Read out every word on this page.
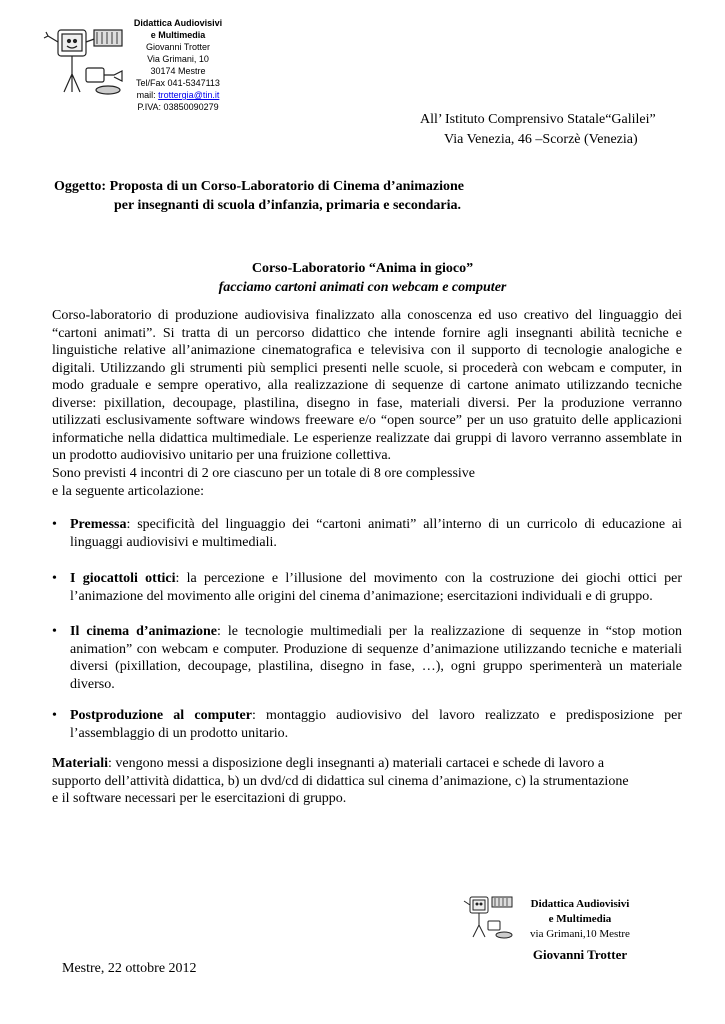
Didattica Audiovisivi
e Multimedia
Giovanni Trotter
Via Grimani, 10
30174 Mestre
Tel/Fax 041-5347113
mail: trottergia@tin.it
P.IVA: 03850090279
All’ Istituto Comprensivo Statale“Galilei”
Via Venezia, 46 –Scorzè (Venezia)
Oggetto: Proposta di un Corso-Laboratorio di Cinema d’animazione
per insegnanti di scuola d’infanzia, primaria e secondaria.
Corso-Laboratorio “Anima in gioco”
facciamo cartoni animati con webcam e computer
Corso-laboratorio di produzione audiovisiva finalizzato alla conoscenza ed uso creativo del linguaggio dei “cartoni animati”. Si tratta di un percorso didattico che intende fornire agli insegnanti abilità tecniche e linguistiche relative all’animazione cinematografica e televisiva con il supporto di tecnologie analogiche e digitali. Utilizzando gli strumenti più semplici presenti nelle scuole, si procederà con webcam e computer, in modo graduale e sempre operativo, alla realizzazione di sequenze di cartone animato utilizzando tecniche diverse: pixillation, decoupage, plastilina, disegno in fase, materiali diversi. Per la produzione verranno utilizzati esclusivamente software windows freeware e/o “open source” per un uso gratuito delle applicazioni informatiche nella didattica multimediale. Le esperienze realizzate dai gruppi di lavoro verranno assemblate in un prodotto audiovisivo unitario per una fruizione collettiva.
Sono previsti 4 incontri di 2 ore ciascuno per un totale di 8 ore complessive
e la seguente articolazione:
• Premessa: specificità del linguaggio dei “cartoni animati” all’interno di un curricolo di educazione ai linguaggi audiovisivi e multimediali.
• I giocattoli ottici: la percezione e l’illusione del movimento con la costruzione dei giochi ottici per l’animazione del movimento alle origini del cinema d’animazione; esercitazioni individuali e di gruppo.
• Il cinema d’animazione: le tecnologie multimediali per la realizzazione di sequenze in “stop motion animation” con webcam e computer. Produzione di sequenze d’animazione utilizzando tecniche e materiali diversi (pixillation, decoupage, plastilina, disegno in fase, …), ogni gruppo sperimenterà un materiale diverso.
• Postproduzione al computer: montaggio audiovisivo del lavoro realizzato e predisposizione per l’assemblaggio di un prodotto unitario.
Materiali: vengono messi a disposizione degli insegnanti a) materiali cartacei e schede di lavoro a
supporto dell’attività didattica, b) un dvd/cd di didattica sul cinema d’animazione, c) la strumentazione
e il software necessari per le esercitazioni di gruppo.
Didattica Audiovisivi
e Multimedia
via Grimani,10 Mestre
Giovanni Trotter
Mestre, 22 ottobre 2012
